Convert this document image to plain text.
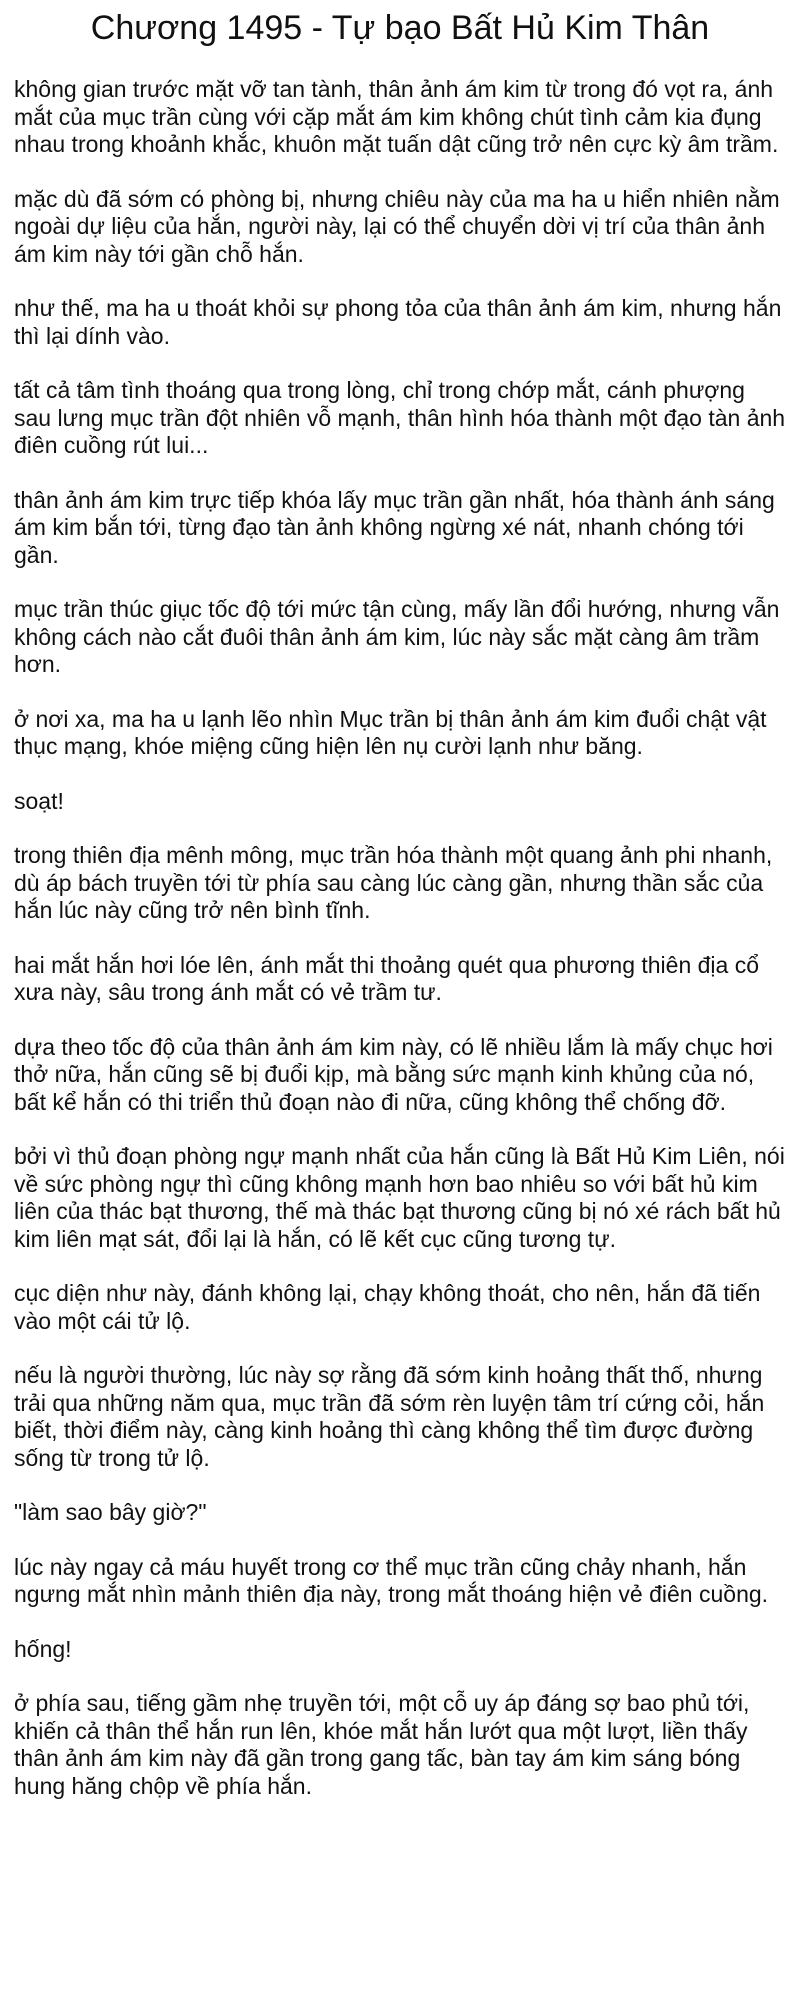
Chương 1495 - Tự bạo Bất Hủ Kim Thân

không gian trước mặt vỡ tan tành, thân ảnh ám kim từ trong đó vọt ra, ánh mắt của mục trần cùng với cặp mắt ám kim không chút tình cảm kia đụng nhau trong khoảnh khắc, khuôn mặt tuấn dật cũng trở nên cực kỳ âm trầm.

mặc dù đã sớm có phòng bị, nhưng chiêu này của ma ha u hiển nhiên nằm ngoài dự liệu của hắn, người này, lại có thể chuyển dời vị trí của thân ảnh ám kim này tới gần chỗ hắn.

như thế, ma ha u thoát khỏi sự phong tỏa của thân ảnh ám kim, nhưng hắn thì lại dính vào.

tất cả tâm tình thoáng qua trong lòng, chỉ trong chớp mắt, cánh phượng sau lưng mục trần đột nhiên vỗ mạnh, thân hình hóa thành một đạo tàn ảnh điên cuồng rút lui...

thân ảnh ám kim trực tiếp khóa lấy mục trần gần nhất, hóa thành ánh sáng ám kim bắn tới, từng đạo tàn ảnh không ngừng xé nát, nhanh chóng tới gần.

mục trần thúc giục tốc độ tới mức tận cùng, mấy lần đổi hướng, nhưng vẫn không cách nào cắt đuôi thân ảnh ám kim, lúc này sắc mặt càng âm trầm hơn.

ở nơi xa, ma ha u lạnh lẽo nhìn Mục trần bị thân ảnh ám kim đuổi chật vật thục mạng, khóe miệng cũng hiện lên nụ cười lạnh như băng.

soạt!

trong thiên địa mênh mông, mục trần hóa thành một quang ảnh phi nhanh, dù áp bách truyền tới từ phía sau càng lúc càng gần, nhưng thần sắc của hắn lúc này cũng trở nên bình tĩnh.

hai mắt hắn hơi lóe lên, ánh mắt thi thoảng quét qua phương thiên địa cổ xưa này, sâu trong ánh mắt có vẻ trầm tư.

dựa theo tốc độ của thân ảnh ám kim này, có lẽ nhiều lắm là mấy chục hơi thở nữa, hắn cũng sẽ bị đuổi kịp, mà bằng sức mạnh kinh khủng của nó, bất kể hắn có thi triển thủ đoạn nào đi nữa, cũng không thể chống đỡ.

bởi vì thủ đoạn phòng ngự mạnh nhất của hắn cũng là Bất Hủ Kim Liên, nói về sức phòng ngự thì cũng không mạnh hơn bao nhiêu so với bất hủ kim liên của thác bạt thương, thế mà thác bạt thương cũng bị nó xé rách bất hủ kim liên mạt sát, đổi lại là hắn, có lẽ kết cục cũng tương tự.

cục diện như này, đánh không lại, chạy không thoát, cho nên, hắn đã tiến vào một cái tử lộ.

nếu là người thường, lúc này sợ rằng đã sớm kinh hoảng thất thố, nhưng trải qua những năm qua, mục trần đã sớm rèn luyện tâm trí cứng cỏi, hắn biết, thời điểm này, càng kinh hoảng thì càng không thể tìm được đường sống từ trong tử lộ.

"làm sao bây giờ?"

lúc này ngay cả máu huyết trong cơ thể mục trần cũng chảy nhanh, hắn ngưng mắt nhìn mảnh thiên địa này, trong mắt thoáng hiện vẻ điên cuồng.

hống!

ở phía sau, tiếng gầm nhẹ truyền tới, một cỗ uy áp đáng sợ bao phủ tới, khiến cả thân thể hắn run lên, khóe mắt hắn lướt qua một lượt, liền thấy thân ảnh ám kim này đã gần trong gang tấc, bàn tay ám kim sáng bóng hung hăng chộp về phía hắn.
